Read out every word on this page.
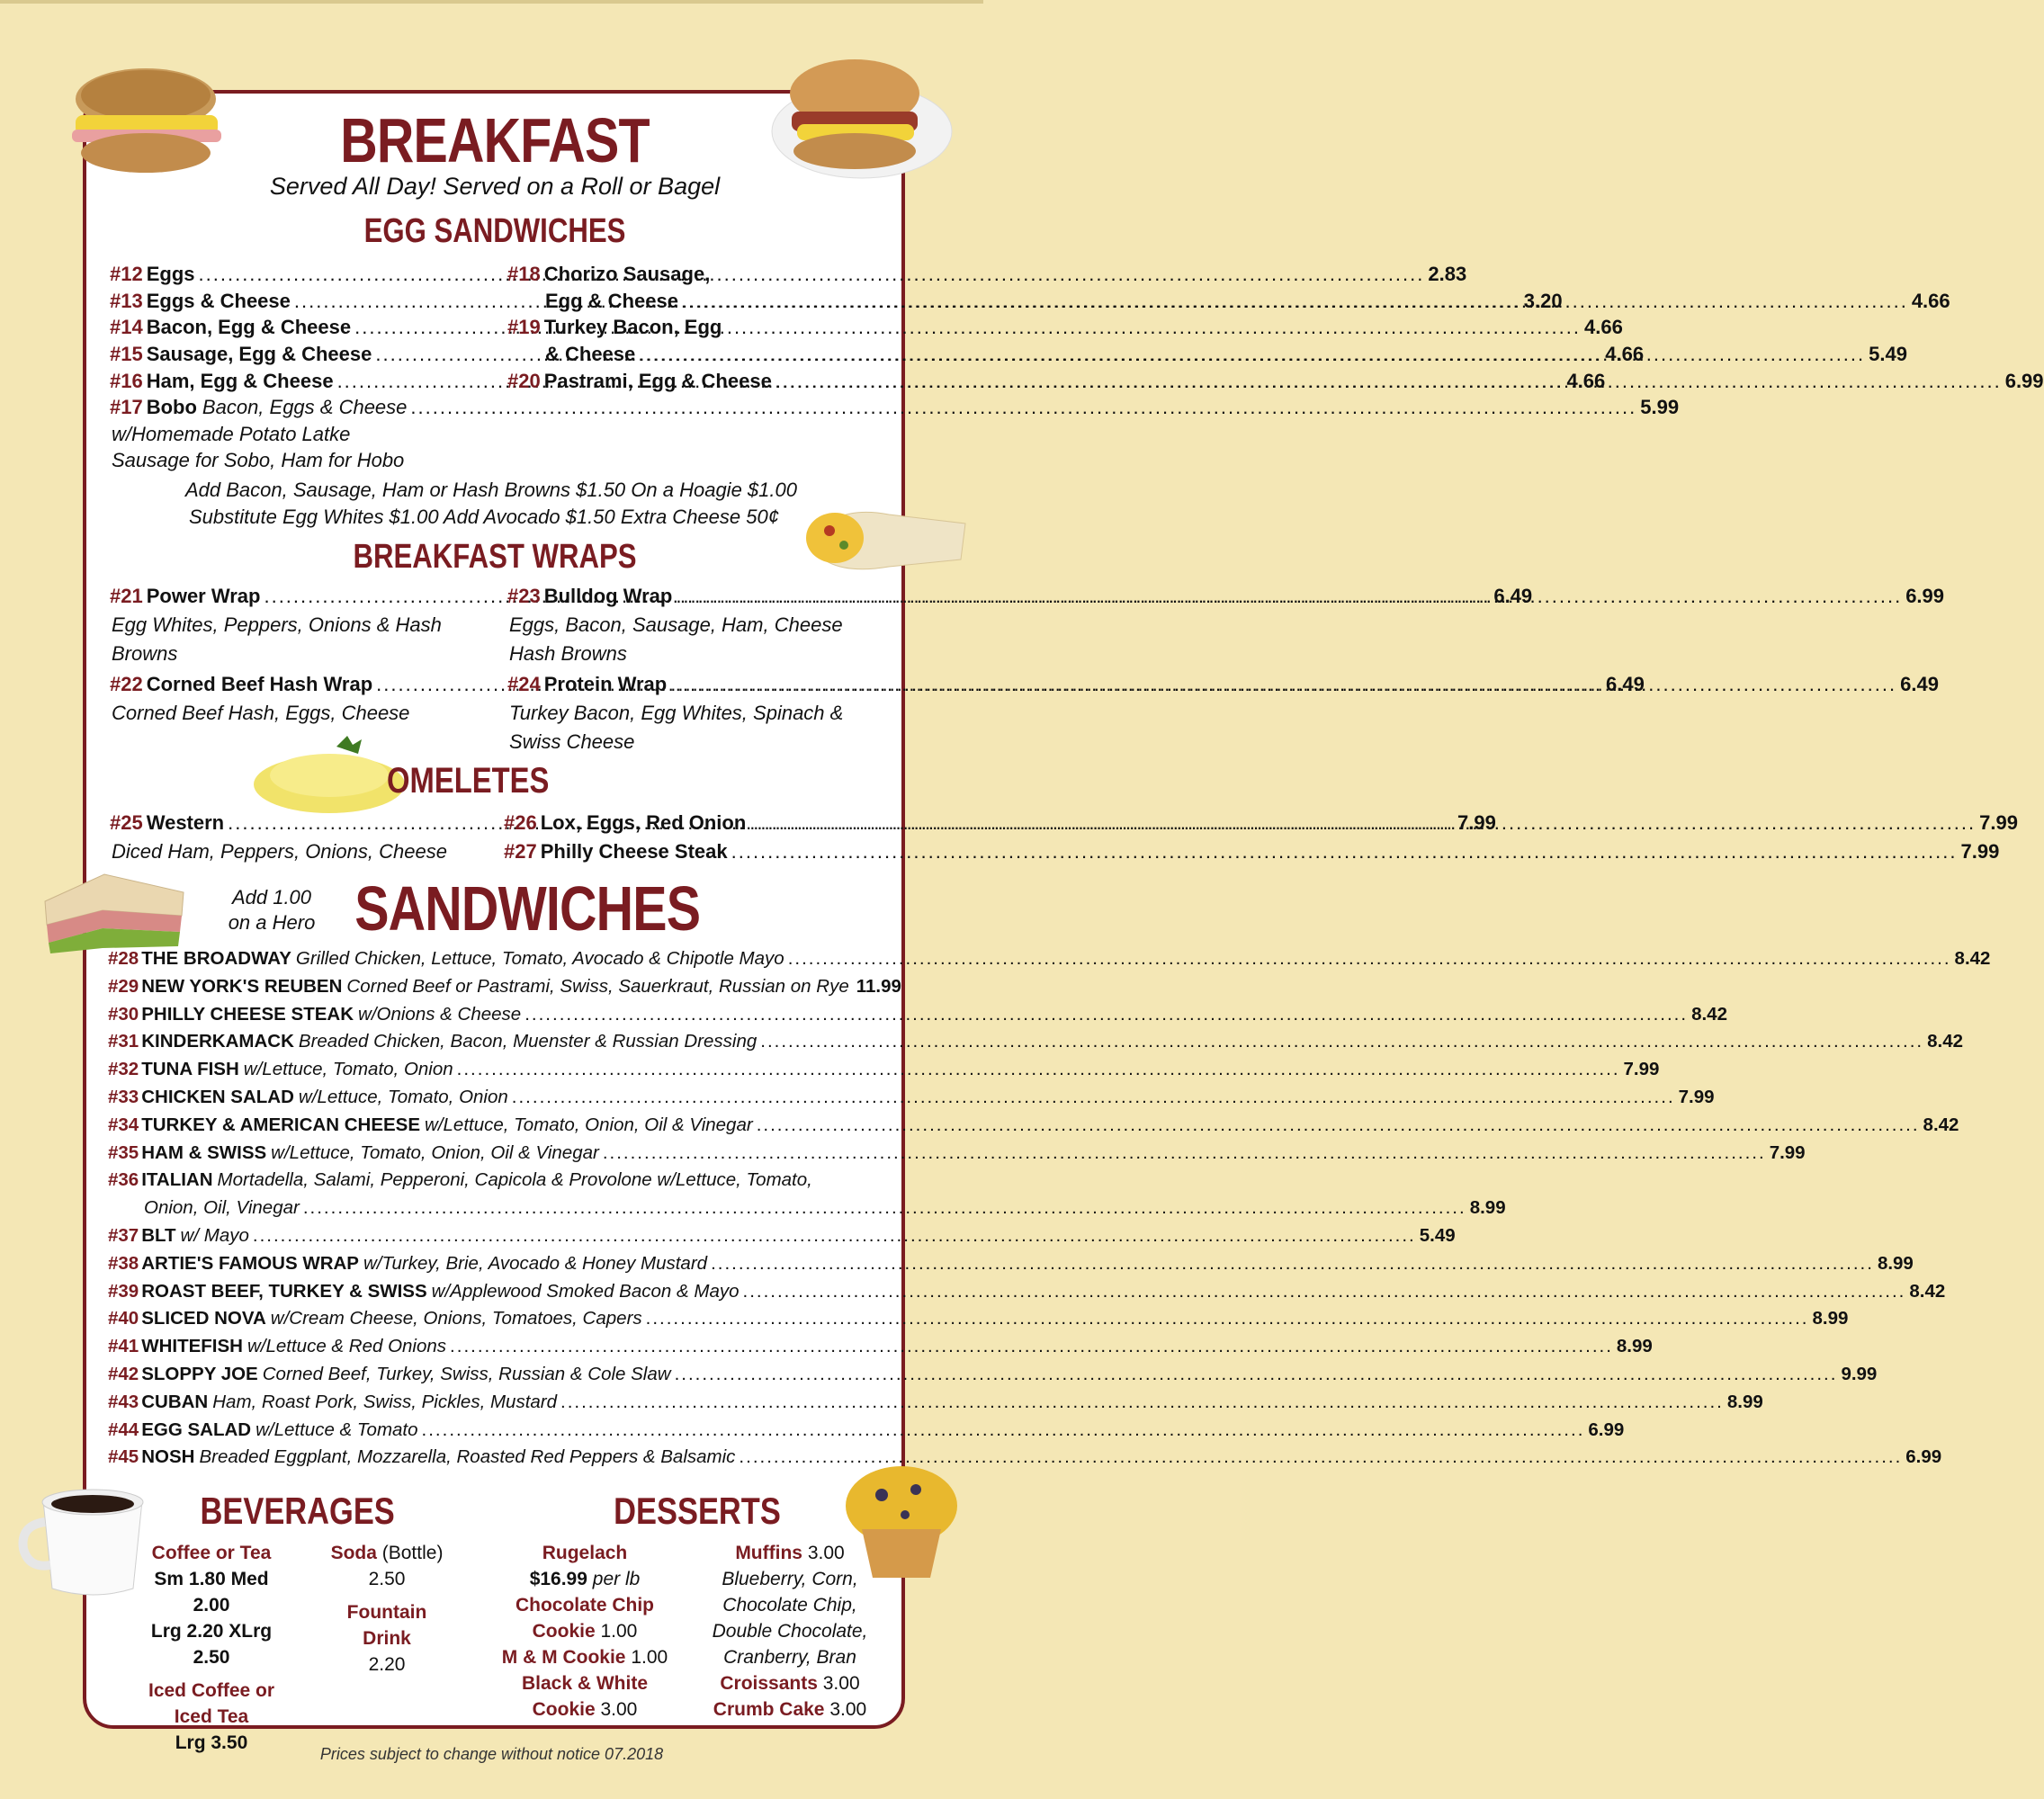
BREAKFAST
Served All Day! Served on a Roll or Bagel
EGG SANDWICHES
#12 Eggs .....	2.83
#13 Eggs & Cheese .....	3.20
#14 Bacon, Egg & Cheese .....	4.66
#15 Sausage, Egg & Cheese .....	4.66
#16 Ham, Egg & Cheese .....	4.66
#17 Bobo Bacon, Eggs & Cheese .....	5.99
w/Homemade Potato Latke
Sausage for Sobo, Ham for Hobo
#18 Chorizo Sausage,
Egg & Cheese .....	4.66
#19 Turkey Bacon, Egg
& Cheese .....	5.49
#20 Pastrami, Egg & Cheese .....	6.99
Add Bacon, Sausage, Ham or Hash Browns $1.50 On a Hoagie $1.00
Substitute Egg Whites $1.00 Add Avocado $1.50 Extra Cheese 50¢
BREAKFAST WRAPS
#21 Power Wrap .....	6.49
Egg Whites, Peppers, Onions & Hash
Browns
#22 Corned Beef Hash Wrap .....	6.49
Corned Beef Hash, Eggs, Cheese
#23 Bulldog Wrap .....	6.99
Eggs, Bacon, Sausage, Ham, Cheese
Hash Browns
#24 Protein Wrap .....	6.49
Turkey Bacon, Egg Whites, Spinach &
Swiss Cheese
OMELETES
#25 Western .....	7.99
Diced Ham, Peppers, Onions, Cheese
#26 Lox, Eggs, Red Onion .....	7.99
#27 Philly Cheese Steak .....	7.99
Add 1.00
on a Hero SANDWICHES
#28 THE BROADWAY Grilled Chicken, Lettuce, Tomato, Avocado & Chipotle Mayo .....	8.42
#29 NEW YORK'S REUBEN Corned Beef or Pastrami, Swiss, Sauerkraut, Russian on Rye 11.99
#30 PHILLY CHEESE STEAK w/Onions & Cheese .....	8.42
#31 KINDERKAMACK Breaded Chicken, Bacon, Muenster & Russian Dressing .....	8.42
#32 TUNA FISH w/Lettuce, Tomato, Onion .....	7.99
#33 CHICKEN SALAD w/Lettuce, Tomato, Onion .....	7.99
#34 TURKEY & AMERICAN CHEESE w/Lettuce, Tomato, Onion, Oil & Vinegar .....	8.42
#35 HAM & SWISS w/Lettuce, Tomato, Onion, Oil & Vinegar .....	7.99
#36 ITALIAN Mortadella, Salami, Pepperoni, Capicola & Provolone w/Lettuce, Tomato,
Onion, Oil, Vinegar .....	8.99
#37 BLT w/ Mayo .....	5.49
#38 ARTIE'S FAMOUS WRAP w/Turkey, Brie, Avocado & Honey Mustard .....	8.99
#39 ROAST BEEF, TURKEY & SWISS w/Applewood Smoked Bacon & Mayo .....	8.42
#40 SLICED NOVA w/Cream Cheese, Onions, Tomatoes, Capers .....	8.99
#41 WHITEFISH w/Lettuce & Red Onions .....	8.99
#42 SLOPPY JOE Corned Beef, Turkey, Swiss, Russian & Cole Slaw .....	9.99
#43 CUBAN Ham, Roast Pork, Swiss, Pickles, Mustard .....	8.99
#44 EGG SALAD w/Lettuce & Tomato .....	6.99
#45 NOSH Breaded Eggplant, Mozzarella, Roasted Red Peppers & Balsamic .....	6.99
BEVERAGES
Coffee or Tea
Sm 1.80 Med 2.00
Lrg 2.20 XLrg 2.50
Iced Coffee or
Iced Tea
Lrg 3.50
Soda (Bottle)
2.50
Fountain
Drink
2.20
DESSERTS
Rugelach
$16.99 per lb
Chocolate Chip
Cookie 1.00
M & M Cookie 1.00
Black & White
Cookie 3.00
Muffins 3.00
Blueberry, Corn,
Chocolate Chip,
Double Chocolate,
Cranberry, Bran
Croissants 3.00
Crumb Cake 3.00
Prices subject to change without notice 07.2018
